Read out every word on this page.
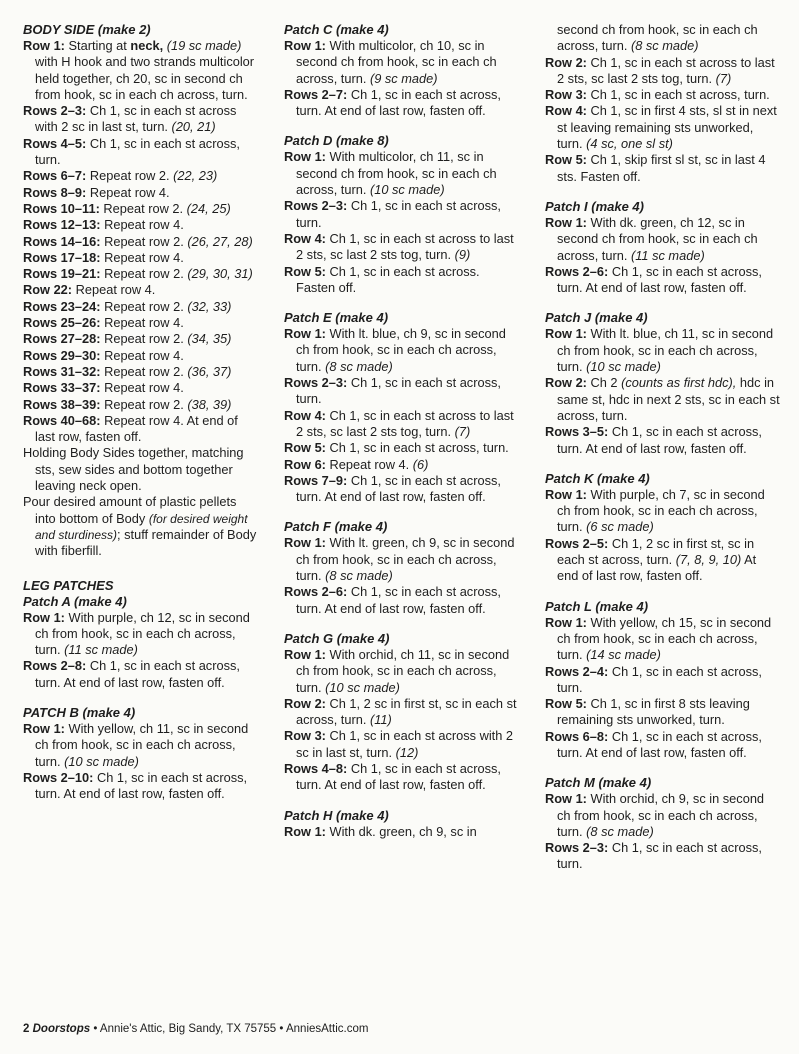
BODY SIDE (make 2)
Row 1: Starting at neck, (19 sc made) with H hook and two strands multicolor held together, ch 20, sc in second ch from hook, sc in each ch across, turn.
Rows 2–3: Ch 1, sc in each st across with 2 sc in last st, turn. (20, 21)
Rows 4–5: Ch 1, sc in each st across, turn.
Rows 6–7: Repeat row 2. (22, 23)
Rows 8–9: Repeat row 4.
Rows 10–11: Repeat row 2. (24, 25)
Rows 12–13: Repeat row 4.
Rows 14–16: Repeat row 2. (26, 27, 28)
Rows 17–18: Repeat row 4.
Rows 19–21: Repeat row 2. (29, 30, 31)
Row 22: Repeat row 4.
Rows 23–24: Repeat row 2. (32, 33)
Rows 25–26: Repeat row 4.
Rows 27–28: Repeat row 2. (34, 35)
Rows 29–30: Repeat row 4.
Rows 31–32: Repeat row 2. (36, 37)
Rows 33–37: Repeat row 4.
Rows 38–39: Repeat row 2. (38, 39)
Rows 40–68: Repeat row 4. At end of last row, fasten off.
Holding Body Sides together, matching sts, sew sides and bottom together leaving neck open.
Pour desired amount of plastic pellets into bottom of Body (for desired weight and sturdiness); stuff remainder of Body with fiberfill.
LEG PATCHES
Patch A (make 4)
Row 1: With purple, ch 12, sc in second ch from hook, sc in each ch across, turn. (11 sc made)
Rows 2–8: Ch 1, sc in each st across, turn. At end of last row, fasten off.
PATCH B (make 4)
Row 1: With yellow, ch 11, sc in second ch from hook, sc in each ch across, turn. (10 sc made)
Rows 2–10: Ch 1, sc in each st across, turn. At end of last row, fasten off.
Patch C (make 4)
Row 1: With multicolor, ch 10, sc in second ch from hook, sc in each ch across, turn. (9 sc made)
Rows 2–7: Ch 1, sc in each st across, turn. At end of last row, fasten off.
Patch D (make 8)
Row 1: With multicolor, ch 11, sc in second ch from hook, sc in each ch across, turn. (10 sc made)
Rows 2–3: Ch 1, sc in each st across, turn.
Row 4: Ch 1, sc in each st across to last 2 sts, sc last 2 sts tog, turn. (9)
Row 5: Ch 1, sc in each st across. Fasten off.
Patch E (make 4)
Row 1: With lt. blue, ch 9, sc in second ch from hook, sc in each ch across, turn. (8 sc made)
Rows 2–3: Ch 1, sc in each st across, turn.
Row 4: Ch 1, sc in each st across to last 2 sts, sc last 2 sts tog, turn. (7)
Row 5: Ch 1, sc in each st across, turn.
Row 6: Repeat row 4. (6)
Rows 7–9: Ch 1, sc in each st across, turn. At end of last row, fasten off.
Patch F (make 4)
Row 1: With lt. green, ch 9, sc in second ch from hook, sc in each ch across, turn. (8 sc made)
Rows 2–6: Ch 1, sc in each st across, turn. At end of last row, fasten off.
Patch G (make 4)
Row 1: With orchid, ch 11, sc in second ch from hook, sc in each ch across, turn. (10 sc made)
Row 2: Ch 1, 2 sc in first st, sc in each st across, turn. (11)
Row 3: Ch 1, sc in each st across with 2 sc in last st, turn. (12)
Rows 4–8: Ch 1, sc in each st across, turn. At end of last row, fasten off.
Patch H (make 4)
Row 1: With dk. green, ch 9, sc in
second ch from hook, sc in each ch across, turn. (8 sc made)
Row 2: Ch 1, sc in each st across to last 2 sts, sc last 2 sts tog, turn. (7)
Row 3: Ch 1, sc in each st across, turn.
Row 4: Ch 1, sc in first 4 sts, sl st in next st leaving remaining sts unworked, turn. (4 sc, one sl st)
Row 5: Ch 1, skip first sl st, sc in last 4 sts. Fasten off.
Patch I (make 4)
Row 1: With dk. green, ch 12, sc in second ch from hook, sc in each ch across, turn. (11 sc made)
Rows 2–6: Ch 1, sc in each st across, turn. At end of last row, fasten off.
Patch J (make 4)
Row 1: With lt. blue, ch 11, sc in second ch from hook, sc in each ch across, turn. (10 sc made)
Row 2: Ch 2 (counts as first hdc), hdc in same st, hdc in next 2 sts, sc in each st across, turn.
Rows 3–5: Ch 1, sc in each st across, turn. At end of last row, fasten off.
Patch K (make 4)
Row 1: With purple, ch 7, sc in second ch from hook, sc in each ch across, turn. (6 sc made)
Rows 2–5: Ch 1, 2 sc in first st, sc in each st across, turn. (7, 8, 9, 10) At end of last row, fasten off.
Patch L (make 4)
Row 1: With yellow, ch 15, sc in second ch from hook, sc in each ch across, turn. (14 sc made)
Rows 2–4: Ch 1, sc in each st across, turn.
Row 5: Ch 1, sc in first 8 sts leaving remaining sts unworked, turn.
Rows 6–8: Ch 1, sc in each st across, turn. At end of last row, fasten off.
Patch M (make 4)
Row 1: With orchid, ch 9, sc in second ch from hook, sc in each ch across, turn. (8 sc made)
Rows 2–3: Ch 1, sc in each st across, turn.
2 Doorstops • Annie's Attic, Big Sandy, TX 75755 • AnniesAttic.com
